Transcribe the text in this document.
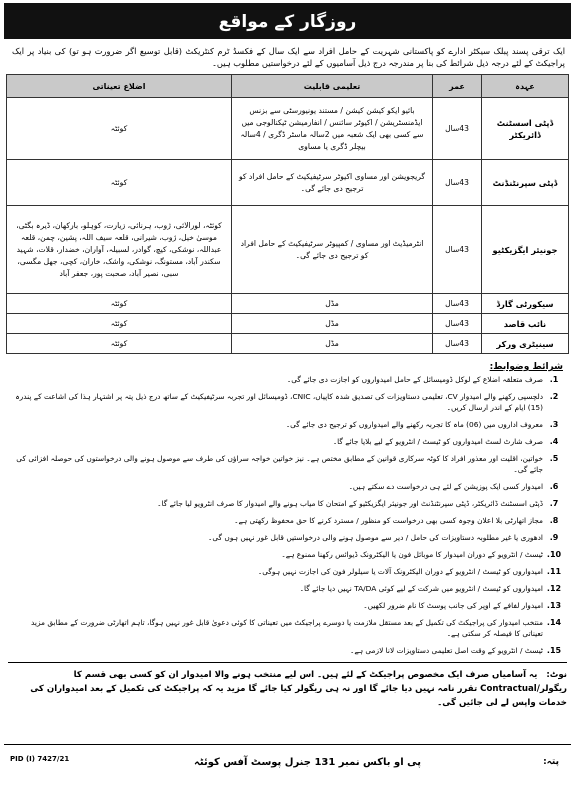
روزگار کے مواقع
ایک ترقی پسند پبلک سیکٹر ادارے کو پاکستانی شہریت کے حامل افراد سے ایک سال کے فکسڈ ٹرم کنٹریکٹ (قابل توسیع اگر ضرورت ہو تو) کی بنیاد پر ایک پراجیکٹ کے لئے درجہ ذیل شرائط کی بنا پر مندرجہ درج ذیل آسامیوں کے لئے درخواستیں مطلوب ہیں۔
عہدہ	عمر	تعلیمی قابلیت	اضلاع تعیناتی
ڈپٹی اسسٹنٹ ڈائریکٹر	43سال	بائیو ایکو کیشن کیشن / مستند یونیورسٹی سے بزنس ایڈمنسٹریشن / اکیوٹر سائنس / انفارمیشن ٹیکنالوجی میں سے کسی بھی ایک شعبہ میں 2سالہ ماسٹر ڈگری / 4سالہ بیچلر ڈگری یا مساوی	کوئٹہ
ڈپٹی سپرنٹنڈنٹ	43سال	گریجویشن اور مساوی اکیوٹر سرٹیفیکیٹ کے حامل افراد کو ترجیح دی جائے گی۔	کوئٹہ
جونیئر ایگزیکٹیو	43سال	انٹرمیڈیٹ اور مساوی / کمپیوٹر سرٹیفیکیٹ کے حامل افراد کو ترجیح دی جائے گی۔	کوئٹہ، لورالائی، ژوب، ہرنائی، زیارت، کوہلو، بارکھان، ڈیرہ بگٹی، موسیٰ خیل، ژوب، شیرانی، قلعہ سیف اللہ، پشین، چمن، قلعہ عبداللہ، نوشکی، کیچ، گوادر، لسبیلہ، آواران، خضدار، قلات، شہید سکندر آباد، مستونگ، نوشکی، واشک، خاران، کچی، جھل مگسی، سبی، نصیر آباد، صحبت پور، جعفر آباد
سیکورٹی گارڈ	43سال	مڈل	کوئٹہ
نائب قاصد	43سال	مڈل	کوئٹہ
سینیٹری ورکر	43سال	مڈل	کوئٹہ
شرائط وضوابط:
1.
صرف متعلقہ اضلاع کے لوکل ڈومیسائل کے حامل امیدواروں کو اجازت دی جائے گی۔
2.
دلچسپی رکھنے والے امیدوار CV، تعلیمی دستاویزات کی تصدیق شدہ کاپیاں، CNIC، ڈومیسائل اور تجربہ سرٹیفیکیٹ کے ساتھ درج ذیل پتہ پر اشتہار ہذا کی اشاعت کے پندرہ (15) ایام کے اندر ارسال کریں۔
3.
معروف اداروں میں (06) ماہ کا تجربہ رکھنے والے امیدواروں کو ترجیح دی جائے گی۔
4.
صرف شارٹ لسٹ امیدواروں کو ٹیسٹ / انٹرویو کے لیے بلایا جائے گا۔
5.
خواتین، اقلیت اور معذور افراد کا کوٹہ سرکاری قوانین کے مطابق مختص ہے۔ نیز خواتین خواجہ سراؤں کی طرف سے موصول ہونے والی درخواستوں کی حوصلہ افزائی کی جائے گی۔
6.
امیدوار کسی ایک پوزیشن کے لئے ہی درخواست دے سکتے ہیں۔
7.
ڈپٹی اسسٹنٹ ڈائریکٹر، ڈپٹی سپرنٹنڈنٹ اور جونیئر ایگزیکٹیو کے امتحان کا میاب ہونے والے امیدوار کا صرف انٹرویو لیا جائے گا۔
8.
مجاز اتھارٹی بلا اعلان وجوہ کسی بھی درخواست کو منظور / مسترد کرنے کا حق محفوظ رکھتی ہے۔
9.
ادھوری یا غیر مطلوبہ دستاویزات کی حامل / دیر سے موصول ہونے والی درخواستیں قابل غور نہیں ہوں گی۔
10.
ٹیسٹ / انٹرویو کے دوران امیدوار کا موبائل فون یا الیکٹرونک ڈیوائس رکھنا ممنوع ہے۔
11.
امیدواروں کو ٹیسٹ / انٹرویو کے دوران الیکٹرونک آلات یا سیلولر فون کی اجازت نہیں ہوگی۔
12.
امیدواروں کو ٹیسٹ / انٹرویو میں شرکت کے لیے کوئی TA/DA نہیں دیا جائے گا۔
13.
امیدوار لفافے کے اوپر کی جانب پوسٹ کا نام ضرور لکھیں۔
14.
منتخب امیدوار کی پراجیکٹ کی تکمیل کے بعد مستقل ملازمت یا دوسرے پراجیکٹ میں تعیناتی کا کوئی دعویٰ قابل غور نہیں ہوگا، تاہم اتھارٹی ضرورت کے مطابق مزید تعیناتی کا فیصلہ کر سکتی ہے۔
15.
ٹیسٹ / انٹرویو کے وقت اصل تعلیمی دستاویزات لانا لازمی ہے۔
نوٹ: یہ آسامیاں صرف ایک مخصوص پراجیکٹ کے لئے ہیں۔ اس لیے منتخب ہونے والا امیدوار ان کو کسی بھی قسم کا ریگولر/Contractual تقرر نامہ نہیں دیا جائے گا اور نہ ہی ریگولر کیا جائے گا مزید یہ کہ پراجیکٹ کی تکمیل کے بعد امیدواران کی خدمات واپس لے لی جائیں گی۔
PID (I) 7427/21	پی او باکس نمبر 131 جنرل پوسٹ آفس کوئٹہ	پتہ:
